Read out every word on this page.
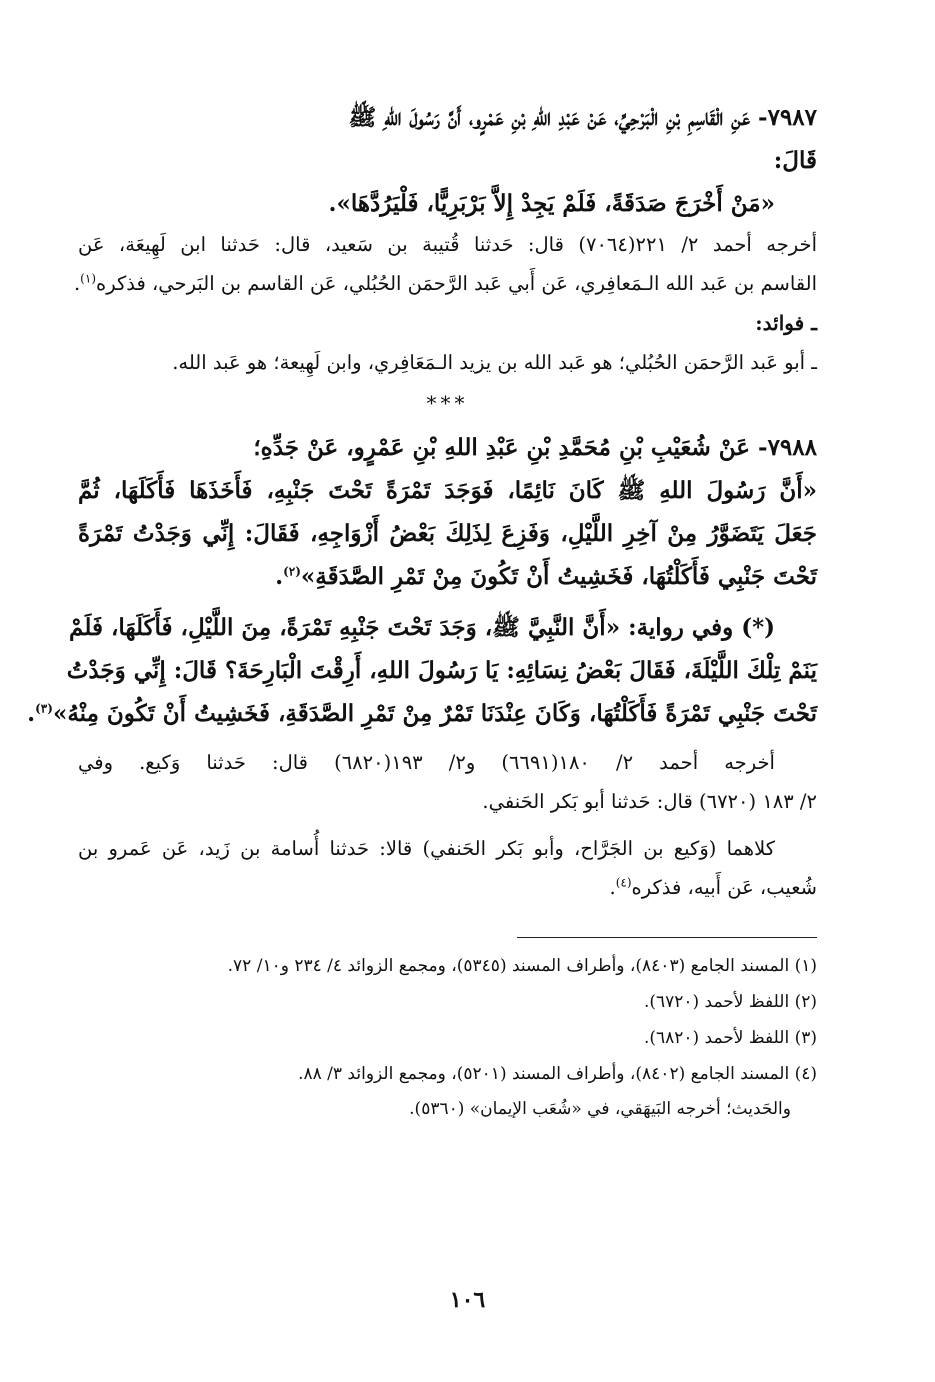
٧٩٨٧- عَنِ الْقَاسِمِ بْنِ الْبَرْحِيِّ، عَنْ عَبْدِ اللهِ بْنِ عَمْرٍو، أَنَّ رَسُولَ اللهِ ﷺ
قَالَ:
«مَنْ أَخْرَجَ صَدَقَةً، فَلَمْ يَجِدْ إِلاَّ بَرْبَرِيًّا، فَلْيَرُدَّهَا».
أخرجه أحمد ٢/ ٢٢١(٧٠٦٤) قال: حَدثنا قُتيبة بن سَعيد، قال: حَدثنا ابن لَهِيعَة، عَن
القاسم بن عَبد الله الـمَعافِري، عَن أَبي عَبد الرَّحمَن الحُبُلي، عَن القاسم بن البَرحي، فذكره$^{(١)}$.
ـ فوائد:
ـ أبو عَبد الرَّحمَن الحُبُلي؛ هو عَبد الله بن يزيد الـمَعَافِري، وابن لَهِيعة؛ هو عَبد الله.
***
٧٩٨٨- عَنْ شُعَيْبِ بْنِ مُحَمَّدِ بْنِ عَبْدِ اللهِ بْنِ عَمْرٍو، عَنْ جَدِّهِ؛
«أَنَّ رَسُولَ اللهِ ﷺ كَانَ نَائِمًا، فَوَجَدَ تَمْرَةً تَحْتَ جَنْبِهِ، فَأَخَذَهَا فَأَكَلَهَا، ثُمَّ
جَعَلَ يَتَضَوَّرُ مِنْ آخِرِ اللَّيْلِ، وَفَزِعَ لِذَلِكَ بَعْضُ أَزْوَاجِهِ، فَقَالَ: إِنِّي وَجَدْتُ تَمْرَةً
تَحْتَ جَنْبِي فَأَكَلْتُهَا، فَخَشِيتُ أَنْ تَكُونَ مِنْ تَمْرِ الصَّدَقَةِ»$^{(٢)}$.
(*) وفي رواية: «أَنَّ النَّبِيَّ ﷺ، وَجَدَ تَحْتَ جَنْبِهِ تَمْرَةً، مِنَ اللَّيْلِ، فَأَكَلَهَا، فَلَمْ
يَنَمْ تِلْكَ اللَّيْلَةَ، فَقَالَ بَعْضُ نِسَائِهِ: يَا رَسُولَ اللهِ، أَرِقْتَ الْبَارِحَةَ؟ قَالَ: إِنِّي وَجَدْتُ
تَحْتَ جَنْبِي تَمْرَةً فَأَكَلْتُهَا، وَكَانَ عِنْدَنَا تَمْرٌ مِنْ تَمْرِ الصَّدَقَةِ، فَخَشِيتُ أَنْ تَكُونَ مِنْهُ»$^{(٣)}$.
أخرجه أحمد ٢/ ١٨٠(٦٦٩١) و٢/ ١٩٣(٦٨٢٠) قال: حَدثنا وَكيع. وفي
٢/ ١٨٣ (٦٧٢٠) قال: حَدثنا أبو بَكر الحَنفي.
كلاهما (وَكيع بن الجَرَّاح، وأبو بَكر الحَنفي) قالا: حَدثنا أُسامة بن زَيد، عَن عَمرو بن
شُعيب، عَن أَبيه، فذكره$^{(٤)}$.
(١) المسند الجامع (٨٤٠٣)، وأطراف المسند (٥٣٤٥)، ومجمع الزوائد ٤/ ٢٣٤ و١٠/ ٧٢.
(٢) اللفظ لأحمد (٦٧٢٠).
(٣) اللفظ لأحمد (٦٨٢٠).
(٤) المسند الجامع (٨٤٠٢)، وأطراف المسند (٥٢٠١)، ومجمع الزوائد ٣/ ٨٨.
والحَديث؛ أخرجه البَيهَقي، في «شُعَب الإيمان» (٥٣٦٠).
١٠٦
